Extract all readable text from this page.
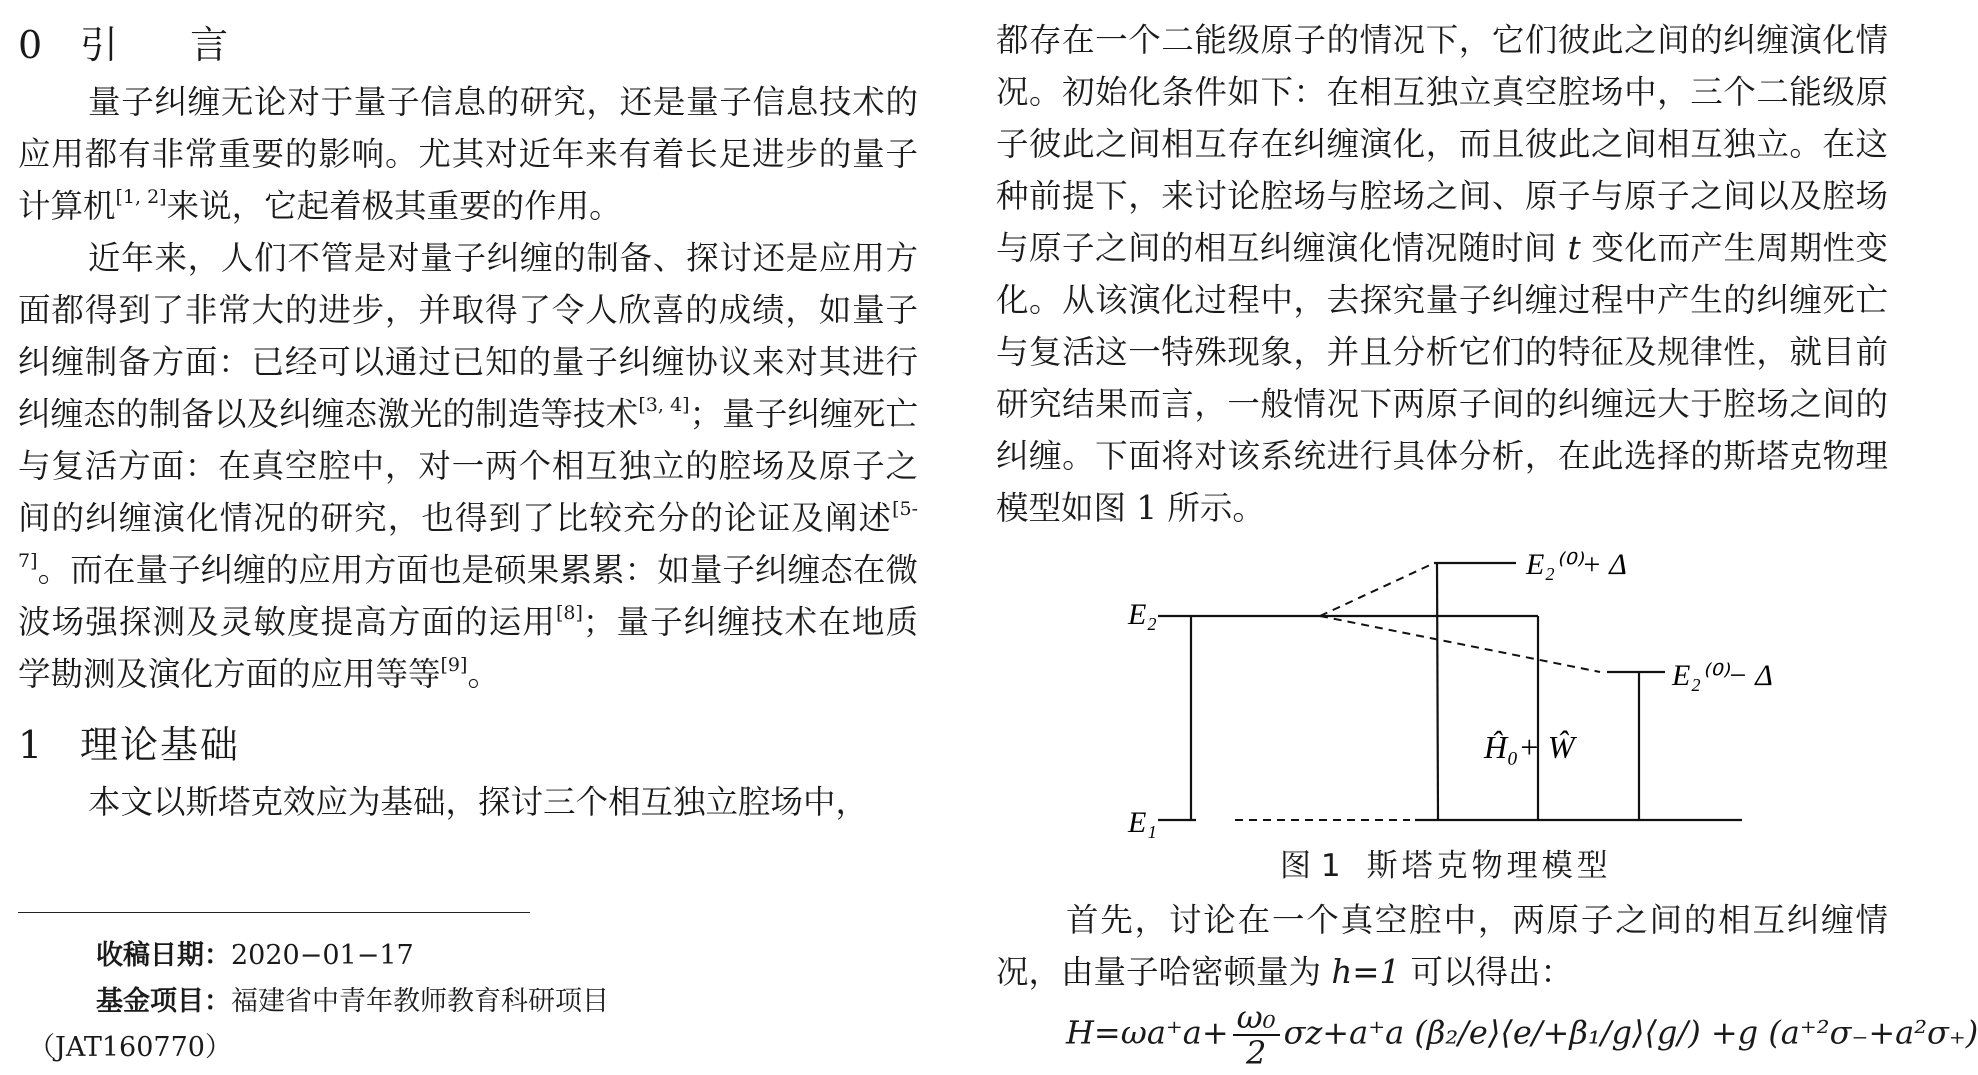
0 引 言

量子纠缠无论对于量子信息的研究，还是量子信息技术的应用都有非常重要的影响。尤其对近年来有着长足进步的量子计算机[1, 2]来说，它起着极其重要的作用。

近年来，人们不管是对量子纠缠的制备、探讨还是应用方面都得到了非常大的进步，并取得了令人欣喜的成绩，如量子纠缠制备方面：已经可以通过已知的量子纠缠协议来对其进行纠缠态的制备以及纠缠态激光的制造等技术[3, 4]；量子纠缠死亡与复活方面：在真空腔中，对一两个相互独立的腔场及原子之间的纠缠演化情况的研究，也得到了比较充分的论证及阐述[5-7]。而在量子纠缠的应用方面也是硕果累累：如量子纠缠态在微波场强探测及灵敏度提高方面的运用[8]；量子纠缠技术在地质学勘测及演化方面的应用等等[9]。

1 理论基础

本文以斯塔克效应为基础，探讨三个相互独立腔场中，

收稿日期：2020−01−17
基金项目：福建省中青年教师教育科研项目
（JAT160770）

都存在一个二能级原子的情况下，它们彼此之间的纠缠演化情况。初始化条件如下：在相互独立真空腔场中，三个二能级原子彼此之间相互存在纠缠演化，而且彼此之间相互独立。在这种前提下，来讨论腔场与腔场之间、原子与原子之间以及腔场与原子之间的相互纠缠演化情况随时间 t 变化而产生周期性变化。从该演化过程中，去探究量子纠缠过程中产生的纠缠死亡与复活这一特殊现象，并且分析它们的特征及规律性，就目前研究结果而言，一般情况下两原子间的纠缠远大于腔场之间的纠缠。下面将对该系统进行具体分析，在此选择的斯塔克物理模型如图 1 所示。

E₂
E₁
E₂⁽⁰⁾+ Δ
E₂⁽⁰⁾− Δ
Ĥ₀+ Ŵ
图 1 斯塔克物理模型

首先，讨论在一个真空腔中，两原子之间的相互纠缠情况，由量子哈密顿量为 h=1 可以得出：

$H=\omega a^+a+ \frac{\text{ω₀}}{2} \sigma z+a^+a$ (β₂/e⟩⟨e/+β₁/g⟩⟨g/) +g (a⁺²σ₋+a²σ₊)
